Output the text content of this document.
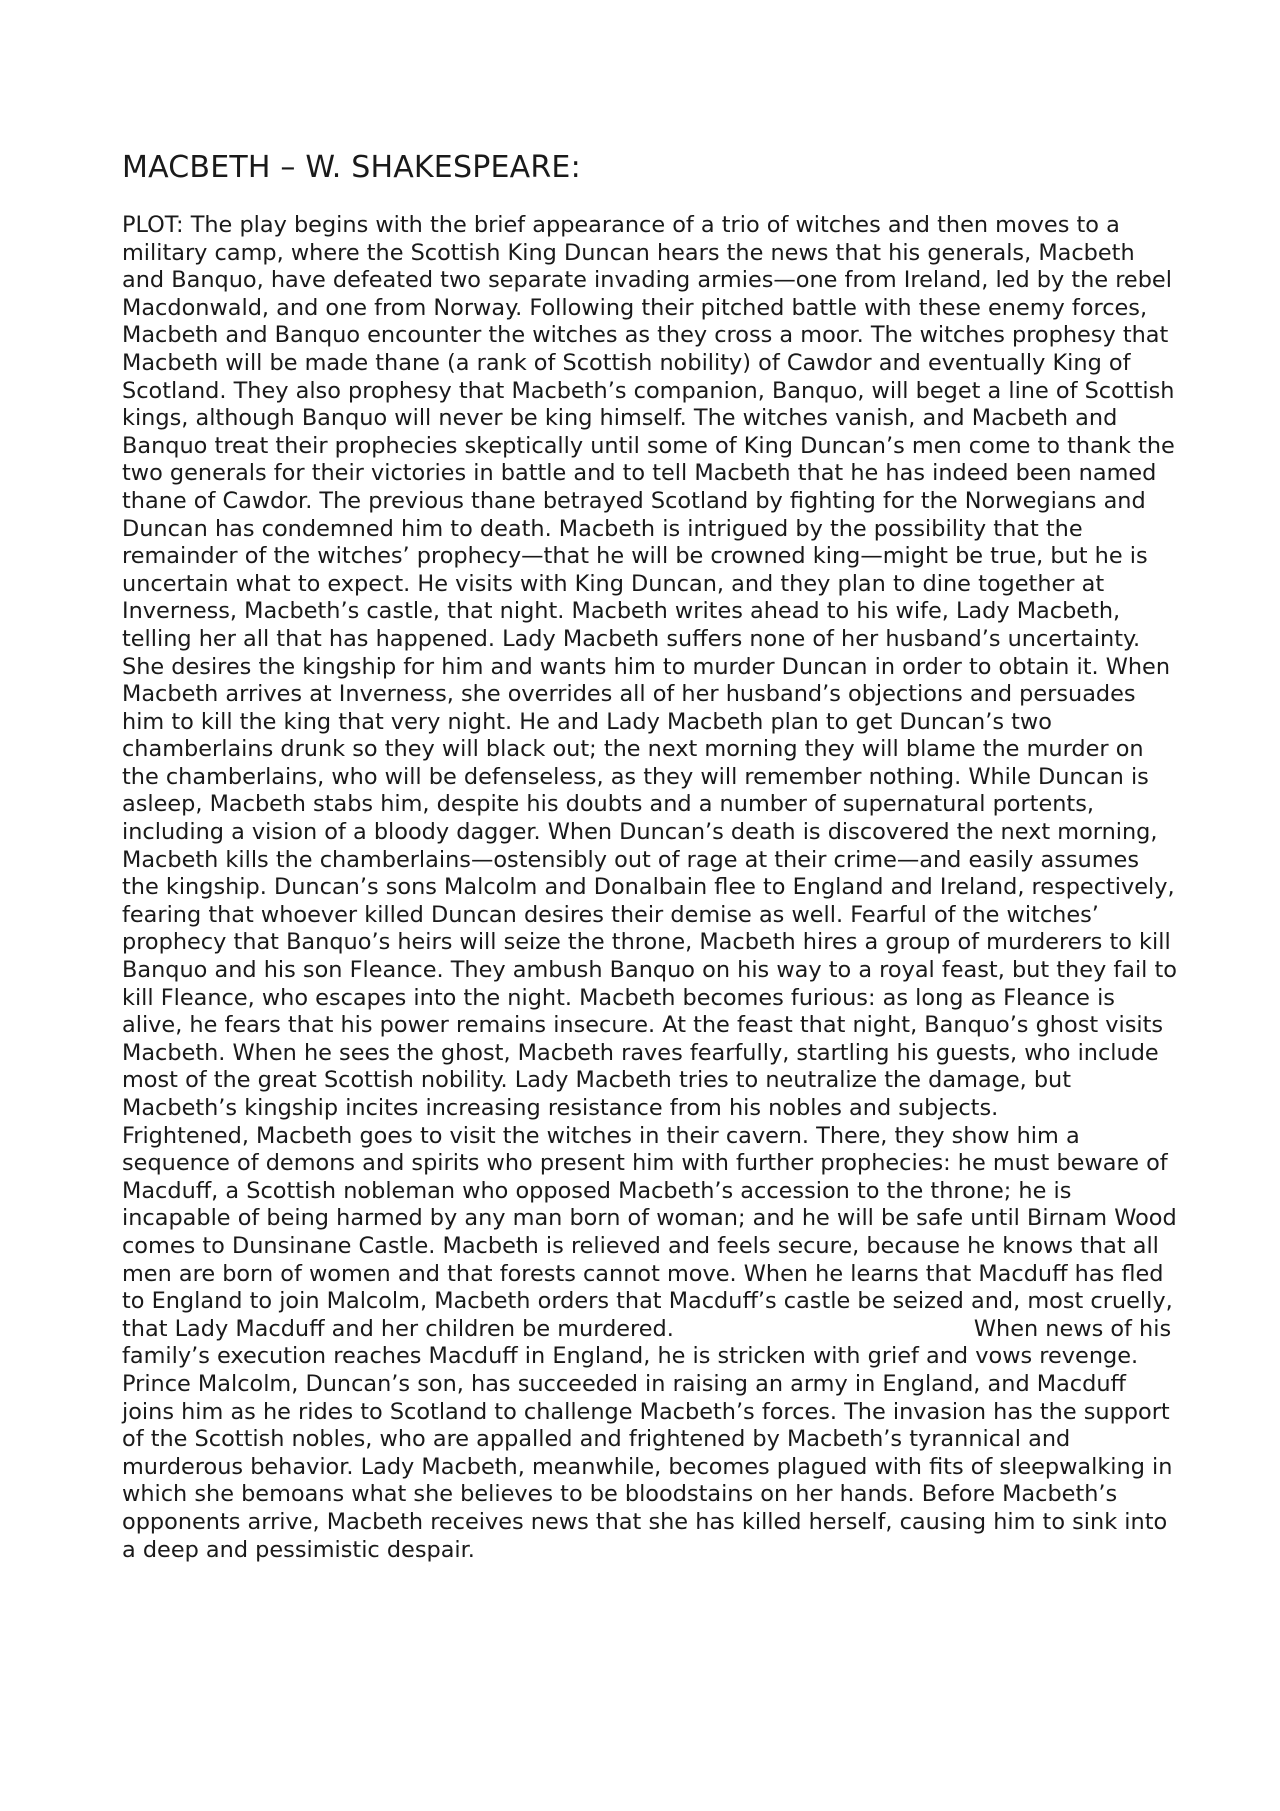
MACBETH – W. SHAKESPEARE:

PLOT: The play begins with the brief appearance of a trio of witches and then moves to a military camp, where the Scottish King Duncan hears the news that his generals, Macbeth and Banquo, have defeated two separate invading armies—one from Ireland, led by the rebel Macdonwald, and one from Norway. Following their pitched battle with these enemy forces, Macbeth and Banquo encounter the witches as they cross a moor. The witches prophesy that Macbeth will be made thane (a rank of Scottish nobility) of Cawdor and eventually King of Scotland. They also prophesy that Macbeth’s companion, Banquo, will beget a line of Scottish kings, although Banquo will never be king himself. The witches vanish, and Macbeth and Banquo treat their prophecies skeptically until some of King Duncan’s men come to thank the two generals for their victories in battle and to tell Macbeth that he has indeed been named thane of Cawdor. The previous thane betrayed Scotland by fighting for the Norwegians and Duncan has condemned him to death. Macbeth is intrigued by the possibility that the remainder of the witches’ prophecy—that he will be crowned king—might be true, but he is uncertain what to expect. He visits with King Duncan, and they plan to dine together at Inverness, Macbeth’s castle, that night. Macbeth writes ahead to his wife, Lady Macbeth, telling her all that has happened. Lady Macbeth suffers none of her husband’s uncertainty. She desires the kingship for him and wants him to murder Duncan in order to obtain it. When Macbeth arrives at Inverness, she overrides all of her husband’s objections and persuades him to kill the king that very night. He and Lady Macbeth plan to get Duncan’s two chamberlains drunk so they will black out; the next morning they will blame the murder on the chamberlains, who will be defenseless, as they will remember nothing. While Duncan is asleep, Macbeth stabs him, despite his doubts and a number of supernatural portents, including a vision of a bloody dagger. When Duncan’s death is discovered the next morning, Macbeth kills the chamberlains—ostensibly out of rage at their crime—and easily assumes the kingship. Duncan’s sons Malcolm and Donalbain flee to England and Ireland, respectively, fearing that whoever killed Duncan desires their demise as well. Fearful of the witches’ prophecy that Banquo’s heirs will seize the throne, Macbeth hires a group of murderers to kill Banquo and his son Fleance. They ambush Banquo on his way to a royal feast, but they fail to kill Fleance, who escapes into the night. Macbeth becomes furious: as long as Fleance is alive, he fears that his power remains insecure. At the feast that night, Banquo’s ghost visits Macbeth. When he sees the ghost, Macbeth raves fearfully, startling his guests, who include most of the great Scottish nobility. Lady Macbeth tries to neutralize the damage, but Macbeth’s kingship incites increasing resistance from his nobles and subjects.

Frightened, Macbeth goes to visit the witches in their cavern. There, they show him a sequence of demons and spirits who present him with further prophecies: he must beware of Macduff, a Scottish nobleman who opposed Macbeth’s accession to the throne; he is incapable of being harmed by any man born of woman; and he will be safe until Birnam Wood comes to Dunsinane Castle. Macbeth is relieved and feels secure, because he knows that all men are born of women and that forests cannot move. When he learns that Macduff has fled to England to join Malcolm, Macbeth orders that Macduff’s castle be seized and, most cruelly, that Lady Macduff and her children be murdered.	When news of his family’s execution reaches Macduff in England, he is stricken with grief and vows revenge. Prince Malcolm, Duncan’s son, has succeeded in raising an army in England, and Macduff joins him as he rides to Scotland to challenge Macbeth’s forces. The invasion has the support of the Scottish nobles, who are appalled and frightened by Macbeth’s tyrannical and murderous behavior. Lady Macbeth, meanwhile, becomes plagued with fits of sleepwalking in which she bemoans what she believes to be bloodstains on her hands. Before Macbeth’s opponents arrive, Macbeth receives news that she has killed herself, causing him to sink into a deep and pessimistic despair.
